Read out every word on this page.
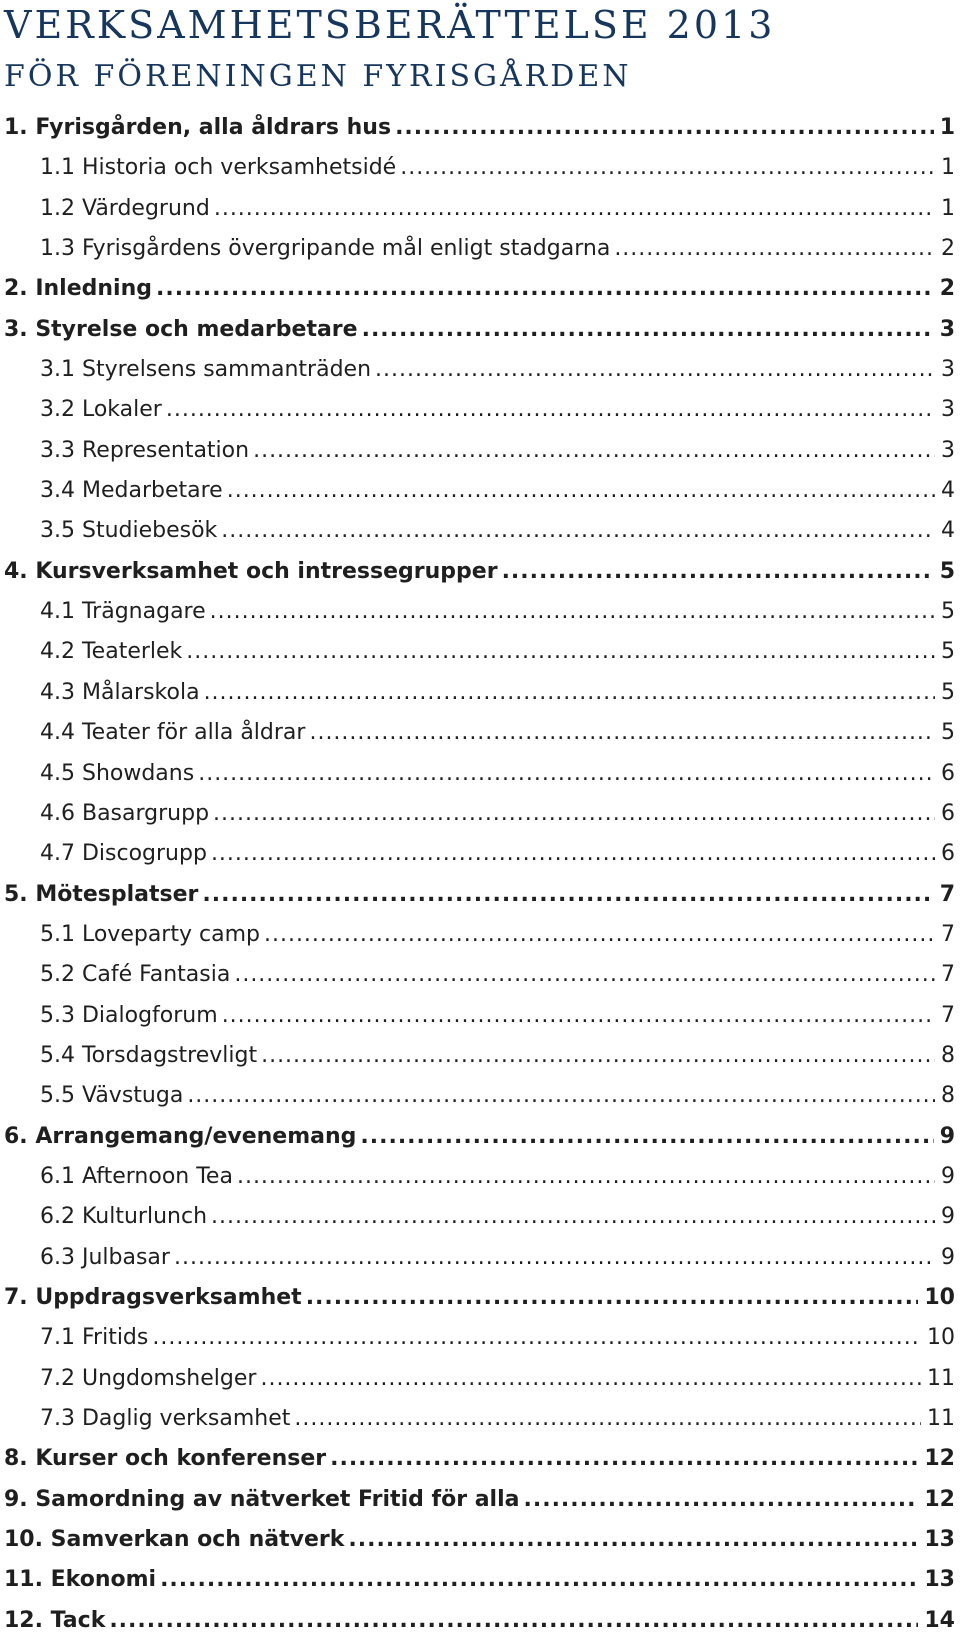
VERKSAMHETSBERÄTTELSE 2013
FÖR FÖRENINGEN FYRISGÅRDEN
1. Fyrisgården, alla åldrars hus .....	1
1.1 Historia och verksamhetsidé .....	1
1.2 Värdegrund .....	1
1.3 Fyrisgårdens övergripande mål enligt stadgarna .....	2
2. Inledning .....	2
3. Styrelse och medarbetare .....	3
3.1 Styrelsens sammanträden .....	3
3.2 Lokaler .....	3
3.3 Representation .....	3
3.4 Medarbetare .....	4
3.5 Studiebesök .....	4
4. Kursverksamhet och intressegrupper .....	5
4.1 Trägnagare .....	5
4.2 Teaterlek .....	5
4.3 Målarskola .....	5
4.4 Teater för alla åldrar .....	5
4.5 Showdans .....	6
4.6 Basargrupp .....	6
4.7 Discogrupp .....	6
5. Mötesplatser .....	7
5.1 Loveparty camp .....	7
5.2 Café Fantasia .....	7
5.3 Dialogforum .....	7
5.4 Torsdagstrevligt .....	8
5.5 Vävstuga .....	8
6. Arrangemang/evenemang .....	9
6.1 Afternoon Tea .....	9
6.2 Kulturlunch .....	9
6.3 Julbasar .....	9
7. Uppdragsverksamhet .....	10
7.1 Fritids .....	10
7.2 Ungdomshelger .....	11
7.3 Daglig verksamhet .....	11
8. Kurser och konferenser .....	12
9. Samordning av nätverket Fritid för alla .....	12
10. Samverkan och nätverk .....	13
11. Ekonomi .....	13
12. Tack .....	14
